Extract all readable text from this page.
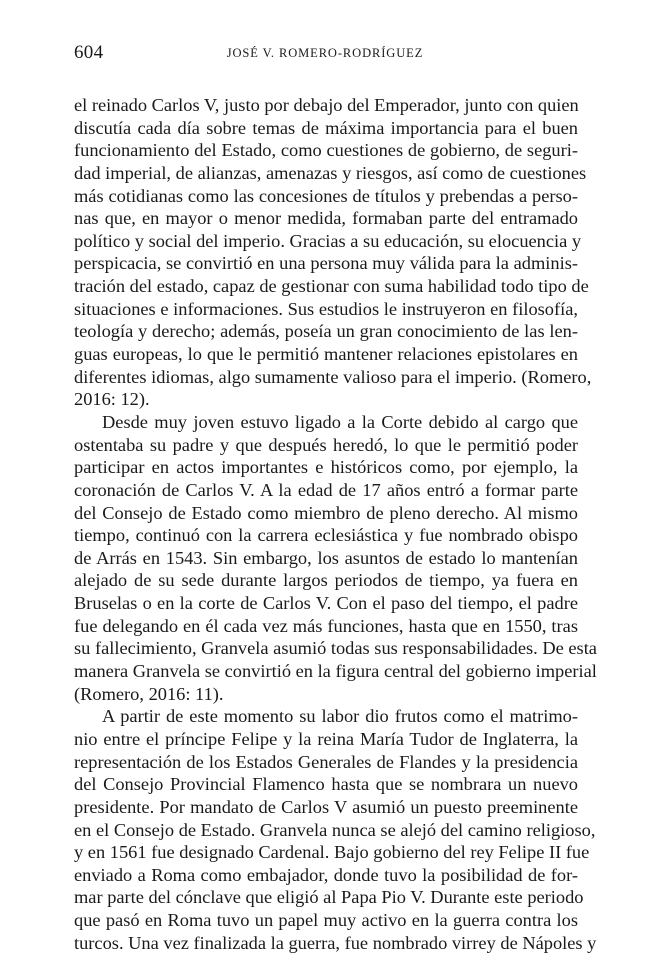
604	JOSÉ V. ROMERO-RODRÍGUEZ
el reinado Carlos V, justo por debajo del Emperador, junto con quien
discutía cada día sobre temas de máxima importancia para el buen
funcionamiento del Estado, como cuestiones de gobierno, de seguri-
dad imperial, de alianzas, amenazas y riesgos, así como de cuestiones
más cotidianas como las concesiones de títulos y prebendas a perso-
nas que, en mayor o menor medida, formaban parte del entramado
político y social del imperio. Gracias a su educación, su elocuencia y
perspicacia, se convirtió en una persona muy válida para la adminis-
tración del estado, capaz de gestionar con suma habilidad todo tipo de
situaciones e informaciones. Sus estudios le instruyeron en filosofía,
teología y derecho; además, poseía un gran conocimiento de las len-
guas europeas, lo que le permitió mantener relaciones epistolares en
diferentes idiomas, algo sumamente valioso para el imperio. (Romero,
2016: 12).
Desde muy joven estuvo ligado a la Corte debido al cargo que
ostentaba su padre y que después heredó, lo que le permitió poder
participar en actos importantes e históricos como, por ejemplo, la
coronación de Carlos V. A la edad de 17 años entró a formar parte
del Consejo de Estado como miembro de pleno derecho. Al mismo
tiempo, continuó con la carrera eclesiástica y fue nombrado obispo
de Arrás en 1543. Sin embargo, los asuntos de estado lo mantenían
alejado de su sede durante largos periodos de tiempo, ya fuera en
Bruselas o en la corte de Carlos V. Con el paso del tiempo, el padre
fue delegando en él cada vez más funciones, hasta que en 1550, tras
su fallecimiento, Granvela asumió todas sus responsabilidades. De esta
manera Granvela se convirtió en la figura central del gobierno imperial
(Romero, 2016: 11).
A partir de este momento su labor dio frutos como el matrimo-
nio entre el príncipe Felipe y la reina María Tudor de Inglaterra, la
representación de los Estados Generales de Flandes y la presidencia
del Consejo Provincial Flamenco hasta que se nombrara un nuevo
presidente. Por mandato de Carlos V asumió un puesto preeminente
en el Consejo de Estado. Granvela nunca se alejó del camino religioso,
y en 1561 fue designado Cardenal. Bajo gobierno del rey Felipe II fue
enviado a Roma como embajador, donde tuvo la posibilidad de for-
mar parte del cónclave que eligió al Papa Pio V. Durante este periodo
que pasó en Roma tuvo un papel muy activo en la guerra contra los
turcos. Una vez finalizada la guerra, fue nombrado virrey de Nápoles y
